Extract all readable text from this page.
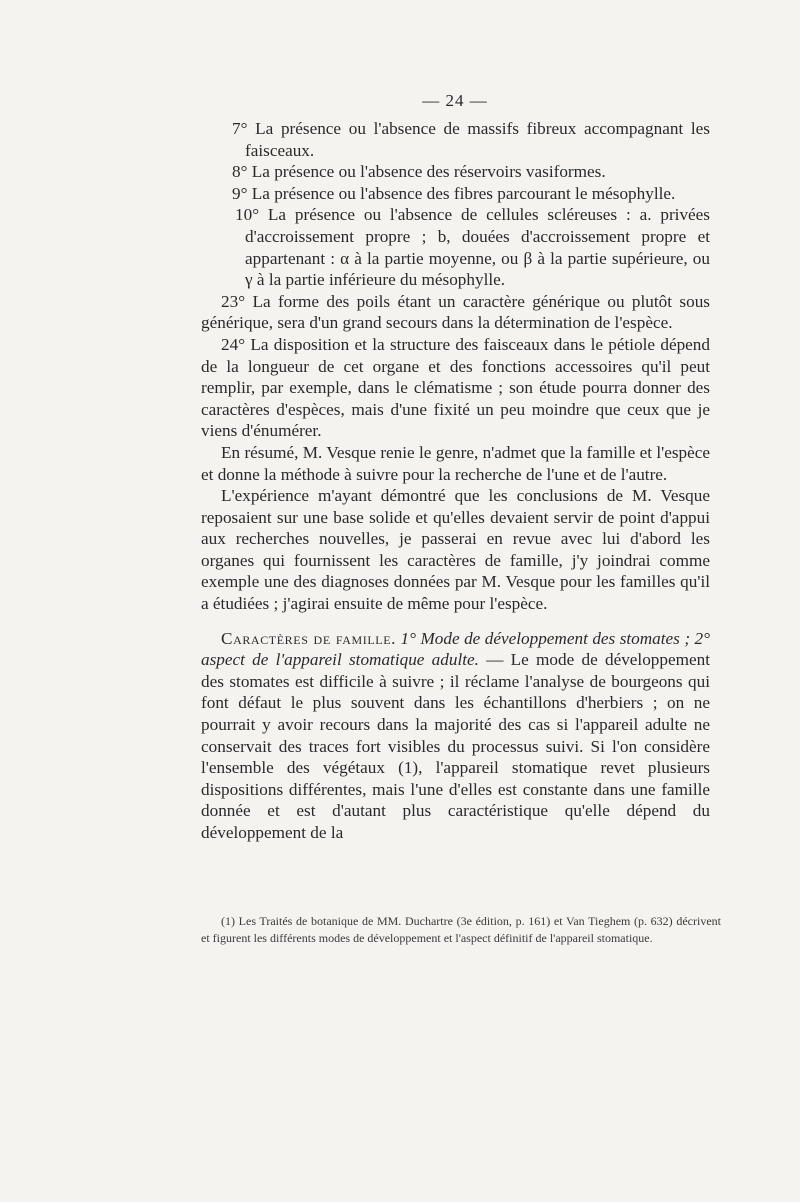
— 24 —

7° La présence ou l'absence de massifs fibreux accompagnant les faisceaux.

8° La présence ou l'absence des réservoirs vasiformes.

9° La présence ou l'absence des fibres parcourant le mésophylle.

10° La présence ou l'absence de cellules scléreuses : a. privées d'accroissement propre ; b, douées d'accroissement propre et appartenant : α à la partie moyenne, ou β à la partie supérieure, ou γ à la partie inférieure du mésophylle.

23° La forme des poils étant un caractère générique ou plutôt sous générique, sera d'un grand secours dans la détermination de l'espèce.

24° La disposition et la structure des faisceaux dans le pétiole dépend de la longueur de cet organe et des fonctions accessoires qu'il peut remplir, par exemple, dans le clématisme ; son étude pourra donner des caractères d'espèces, mais d'une fixité un peu moindre que ceux que je viens d'énumérer.

En résumé, M. Vesque renie le genre, n'admet que la famille et l'espèce et donne la méthode à suivre pour la recherche de l'une et de l'autre.

L'expérience m'ayant démontré que les conclusions de M. Vesque reposaient sur une base solide et qu'elles devaient servir de point d'appui aux recherches nouvelles, je passerai en revue avec lui d'abord les organes qui fournissent les caractères de famille, j'y joindrai comme exemple une des diagnoses données par M. Vesque pour les familles qu'il a étudiées ; j'agirai ensuite de même pour l'espèce.

Caractères de famille. 1° Mode de développement des stomates ; 2° aspect de l'appareil stomatique adulte. — Le mode de développement des stomates est difficile à suivre ; il réclame l'analyse de bourgeons qui font défaut le plus souvent dans les échantillons d'herbiers ; on ne pourrait y avoir recours dans la majorité des cas si l'appareil adulte ne conservait des traces fort visibles du processus suivi. Si l'on considère l'ensemble des végétaux (1), l'appareil stomatique revet plusieurs dispositions différentes, mais l'une d'elles est constante dans une famille donnée et est d'autant plus caractéristique qu'elle dépend du développement de la

(1) Les Traités de botanique de MM. Duchartre (3e édition, p. 161) et Van Tieghem (p. 632) décrivent et figurent les différents modes de développement et l'aspect définitif de l'appareil stomatique.
